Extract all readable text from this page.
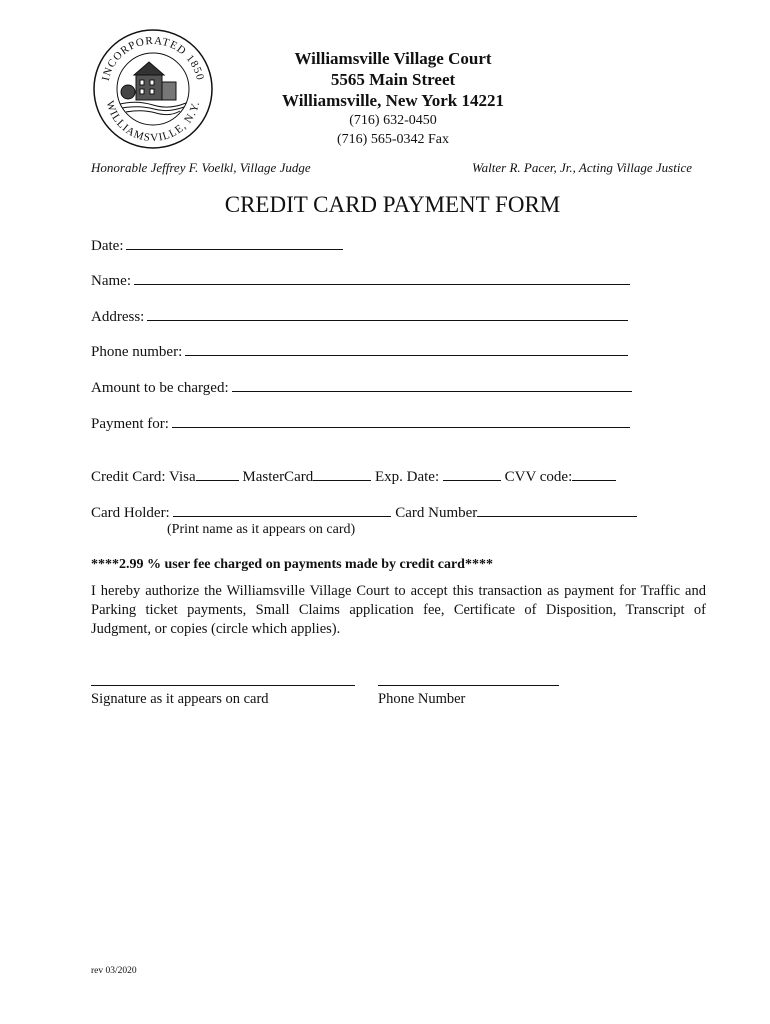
INCORPORATED 1850
WILLIAMSVILLE, N.Y.
Williamsville Village Court
5565 Main Street
Williamsville, New York 14221
(716) 632-0450
(716) 565-0342 Fax
Honorable Jeffrey F. Voelkl, Village Judge	Walter R. Pacer, Jr., Acting Village Justice
CREDIT CARD PAYMENT FORM
Date:
Name:
Address:
Phone number:
Amount to be charged:
Payment for:
Credit Card: Visa	MasterCard	Exp. Date:	CVV code:
Card Holder:	Card Number
(Print name as it appears on card)
****2.99 % user fee charged on payments made by credit card****
I hereby authorize the Williamsville Village Court to accept this transaction as payment for Traffic and Parking ticket payments, Small Claims application fee, Certificate of Disposition, Transcript of Judgment, or copies (circle which applies).
Signature as it appears on card	Phone Number
rev 03/2020
